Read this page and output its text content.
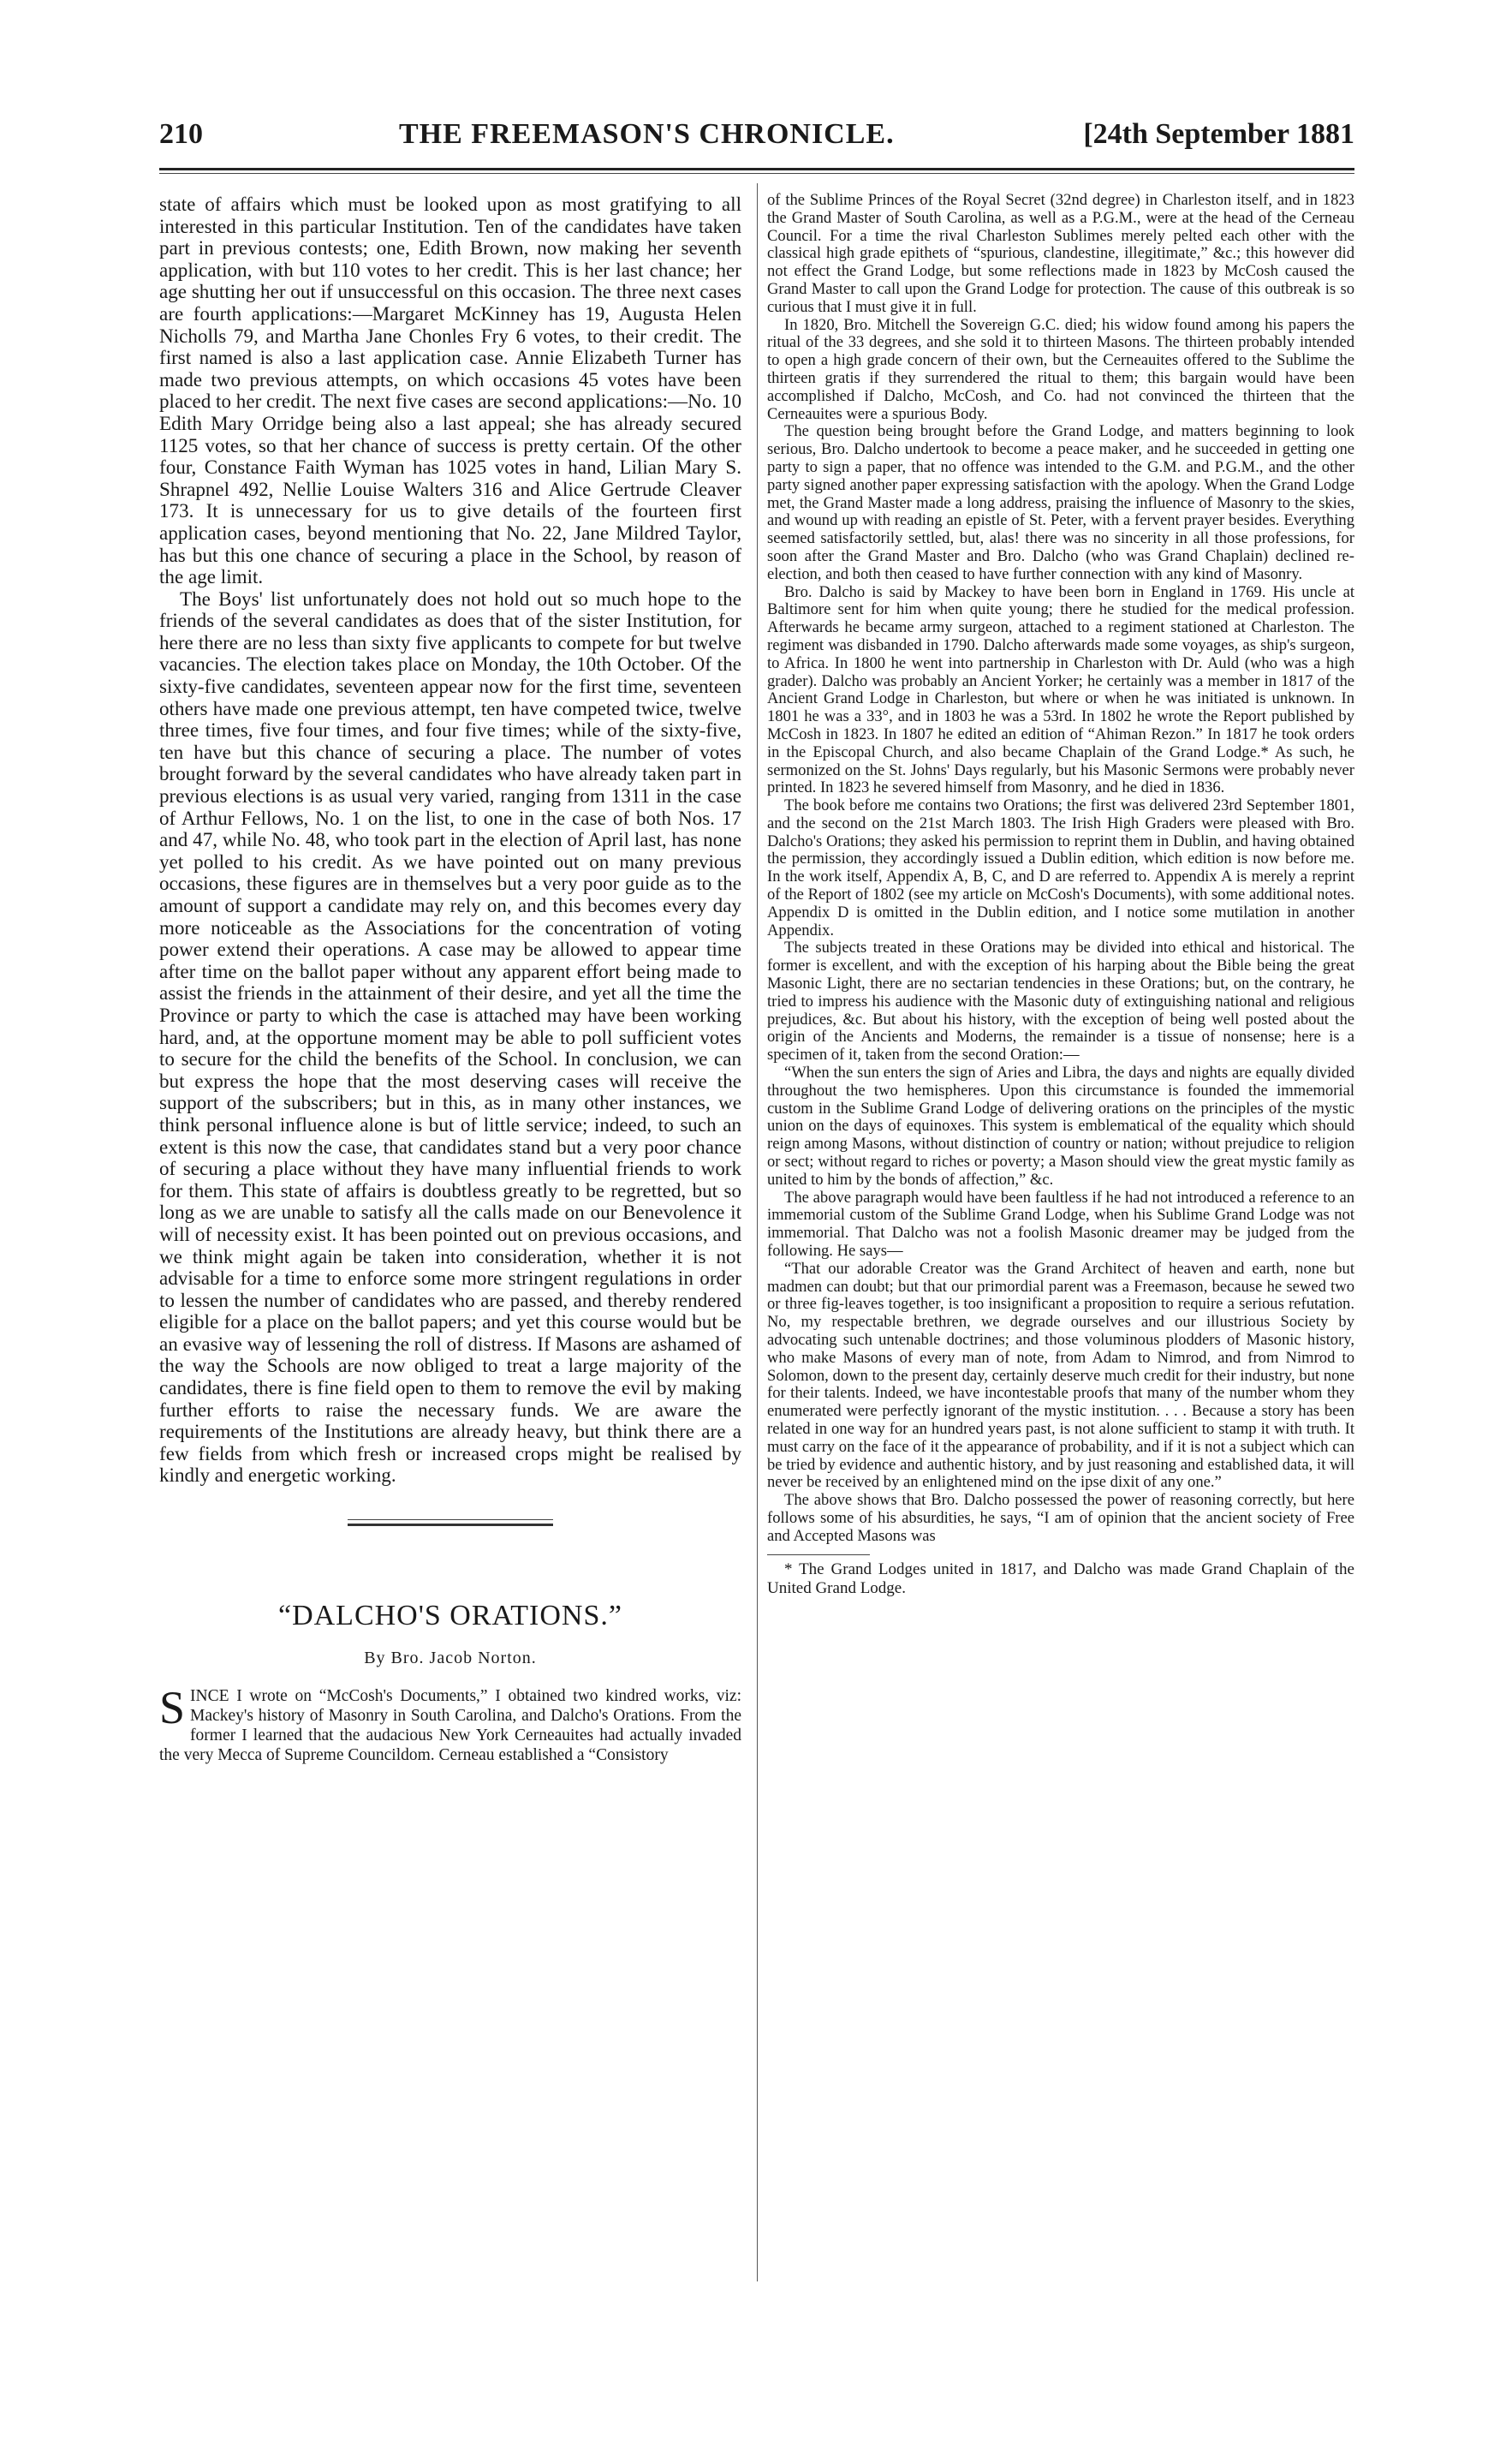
210	THE FREEMASON'S CHRONICLE.	[24th September 1881

state of affairs which must be looked upon as most gratifying to all interested in this particular Institution. Ten of the candidates have taken part in previous contests; one, Edith Brown, now making her seventh application, with but 110 votes to her credit. This is her last chance; her age shutting her out if unsuccessful on this occasion. The three next cases are fourth applications:—Margaret McKinney has 19, Augusta Helen Nicholls 79, and Martha Jane Chonles Fry 6 votes, to their credit. The first named is also a last application case. Annie Elizabeth Turner has made two previous attempts, on which occasions 45 votes have been placed to her credit. The next five cases are second applications:—No. 10 Edith Mary Orridge being also a last appeal; she has already secured 1125 votes, so that her chance of success is pretty certain. Of the other four, Constance Faith Wyman has 1025 votes in hand, Lilian Mary S. Shrapnel 492, Nellie Louise Walters 316 and Alice Gertrude Cleaver 173. It is unnecessary for us to give details of the fourteen first application cases, beyond mentioning that No. 22, Jane Mildred Taylor, has but this one chance of securing a place in the School, by reason of the age limit.

The Boys' list unfortunately does not hold out so much hope to the friends of the several candidates as does that of the sister Institution, for here there are no less than sixty five applicants to compete for but twelve vacancies. The election takes place on Monday, the 10th October. Of the sixty-five candidates, seventeen appear now for the first time, seventeen others have made one previous attempt, ten have competed twice, twelve three times, five four times, and four five times; while of the sixty-five, ten have but this chance of securing a place. The number of votes brought forward by the several candidates who have already taken part in previous elections is as usual very varied, ranging from 1311 in the case of Arthur Fellows, No. 1 on the list, to one in the case of both Nos. 17 and 47, while No. 48, who took part in the election of April last, has none yet polled to his credit. As we have pointed out on many previous occasions, these figures are in themselves but a very poor guide as to the amount of support a candidate may rely on, and this becomes every day more noticeable as the Associations for the concentration of voting power extend their operations. A case may be allowed to appear time after time on the ballot paper without any apparent effort being made to assist the friends in the attainment of their desire, and yet all the time the Province or party to which the case is attached may have been working hard, and, at the opportune moment may be able to poll sufficient votes to secure for the child the benefits of the School. In conclusion, we can but express the hope that the most deserving cases will receive the support of the subscribers; but in this, as in many other instances, we think personal influence alone is but of little service; indeed, to such an extent is this now the case, that candidates stand but a very poor chance of securing a place without they have many influential friends to work for them. This state of affairs is doubtless greatly to be regretted, but so long as we are unable to satisfy all the calls made on our Benevolence it will of necessity exist. It has been pointed out on previous occasions, and we think might again be taken into consideration, whether it is not advisable for a time to enforce some more stringent regulations in order to lessen the number of candidates who are passed, and thereby rendered eligible for a place on the ballot papers; and yet this course would but be an evasive way of lessening the roll of distress. If Masons are ashamed of the way the Schools are now obliged to treat a large majority of the candidates, there is fine field open to them to remove the evil by making further efforts to raise the necessary funds. We are aware the requirements of the Institutions are already heavy, but think there are a few fields from which fresh or increased crops might be realised by kindly and energetic working.

“DALCHO'S ORATIONS.”
By Bro. Jacob Norton.

SINCE I wrote on “McCosh's Documents,” I obtained two kindred works, viz: Mackey's history of Masonry in South Carolina, and Dalcho's Orations. From the former I learned that the audacious New York Cerneauites had actually invaded the very Mecca of Supreme Councildom. Cerneau established a “Consistory

of the Sublime Princes of the Royal Secret (32nd degree) in Charleston itself, and in 1823 the Grand Master of South Carolina, as well as a P.G.M., were at the head of the Cerneau Council. For a time the rival Charleston Sublimes merely pelted each other with the classical high grade epithets of “spurious, clandestine, illegitimate,” &c.; this however did not effect the Grand Lodge, but some reflections made in 1823 by McCosh caused the Grand Master to call upon the Grand Lodge for protection. The cause of this outbreak is so curious that I must give it in full.

In 1820, Bro. Mitchell the Sovereign G.C. died; his widow found among his papers the ritual of the 33 degrees, and she sold it to thirteen Masons. The thirteen probably intended to open a high grade concern of their own, but the Cerneauites offered to the Sublime the thirteen gratis if they surrendered the ritual to them; this bargain would have been accomplished if Dalcho, McCosh, and Co. had not convinced the thirteen that the Cerneauites were a spurious Body.

The question being brought before the Grand Lodge, and matters beginning to look serious, Bro. Dalcho undertook to become a peace maker, and he succeeded in getting one party to sign a paper, that no offence was intended to the G.M. and P.G.M., and the other party signed another paper expressing satisfaction with the apology. When the Grand Lodge met, the Grand Master made a long address, praising the influence of Masonry to the skies, and wound up with reading an epistle of St. Peter, with a fervent prayer besides. Everything seemed satisfactorily settled, but, alas! there was no sincerity in all those professions, for soon after the Grand Master and Bro. Dalcho (who was Grand Chaplain) declined re-election, and both then ceased to have further connection with any kind of Masonry.

Bro. Dalcho is said by Mackey to have been born in England in 1769. His uncle at Baltimore sent for him when quite young; there he studied for the medical profession. Afterwards he became army surgeon, attached to a regiment stationed at Charleston. The regiment was disbanded in 1790. Dalcho afterwards made some voyages, as ship's surgeon, to Africa. In 1800 he went into partnership in Charleston with Dr. Auld (who was a high grader). Dalcho was probably an Ancient Yorker; he certainly was a member in 1817 of the Ancient Grand Lodge in Charleston, but where or when he was initiated is unknown. In 1801 he was a 33°, and in 1803 he was a 53rd. In 1802 he wrote the Report published by McCosh in 1823. In 1807 he edited an edition of “Ahiman Rezon.” In 1817 he took orders in the Episcopal Church, and also became Chaplain of the Grand Lodge.* As such, he sermonized on the St. Johns' Days regularly, but his Masonic Sermons were probably never printed. In 1823 he severed himself from Masonry, and he died in 1836.

The book before me contains two Orations; the first was delivered 23rd September 1801, and the second on the 21st March 1803. The Irish High Graders were pleased with Bro. Dalcho's Orations; they asked his permission to reprint them in Dublin, and having obtained the permission, they accordingly issued a Dublin edition, which edition is now before me. In the work itself, Appendix A, B, C, and D are referred to. Appendix A is merely a reprint of the Report of 1802 (see my article on McCosh's Documents), with some additional notes. Appendix D is omitted in the Dublin edition, and I notice some mutilation in another Appendix.

The subjects treated in these Orations may be divided into ethical and historical. The former is excellent, and with the exception of his harping about the Bible being the great Masonic Light, there are no sectarian tendencies in these Orations; but, on the contrary, he tried to impress his audience with the Masonic duty of extinguishing national and religious prejudices, &c. But about his history, with the exception of being well posted about the origin of the Ancients and Moderns, the remainder is a tissue of nonsense; here is a specimen of it, taken from the second Oration:—

“When the sun enters the sign of Aries and Libra, the days and nights are equally divided throughout the two hemispheres. Upon this circumstance is founded the immemorial custom in the Sublime Grand Lodge of delivering orations on the principles of the mystic union on the days of equinoxes. This system is emblematical of the equality which should reign among Masons, without distinction of country or nation; without prejudice to religion or sect; without regard to riches or poverty; a Mason should view the great mystic family as united to him by the bonds of affection,” &c.

The above paragraph would have been faultless if he had not introduced a reference to an immemorial custom of the Sublime Grand Lodge, when his Sublime Grand Lodge was not immemorial. That Dalcho was not a foolish Masonic dreamer may be judged from the following. He says—

“That our adorable Creator was the Grand Architect of heaven and earth, none but madmen can doubt; but that our primordial parent was a Freemason, because he sewed two or three fig-leaves together, is too insignificant a proposition to require a serious refutation. No, my respectable brethren, we degrade ourselves and our illustrious Society by advocating such untenable doctrines; and those voluminous plodders of Masonic history, who make Masons of every man of note, from Adam to Nimrod, and from Nimrod to Solomon, down to the present day, certainly deserve much credit for their industry, but none for their talents. Indeed, we have incontestable proofs that many of the number whom they enumerated were perfectly ignorant of the mystic institution. . . . Because a story has been related in one way for an hundred years past, is not alone sufficient to stamp it with truth. It must carry on the face of it the appearance of probability, and if it is not a subject which can be tried by evidence and authentic history, and by just reasoning and established data, it will never be received by an enlightened mind on the ipse dixit of any one.”

The above shows that Bro. Dalcho possessed the power of reasoning correctly, but here follows some of his absurdities, he says, “I am of opinion that the ancient society of Free and Accepted Masons was

* The Grand Lodges united in 1817, and Dalcho was made Grand Chaplain of the United Grand Lodge.
